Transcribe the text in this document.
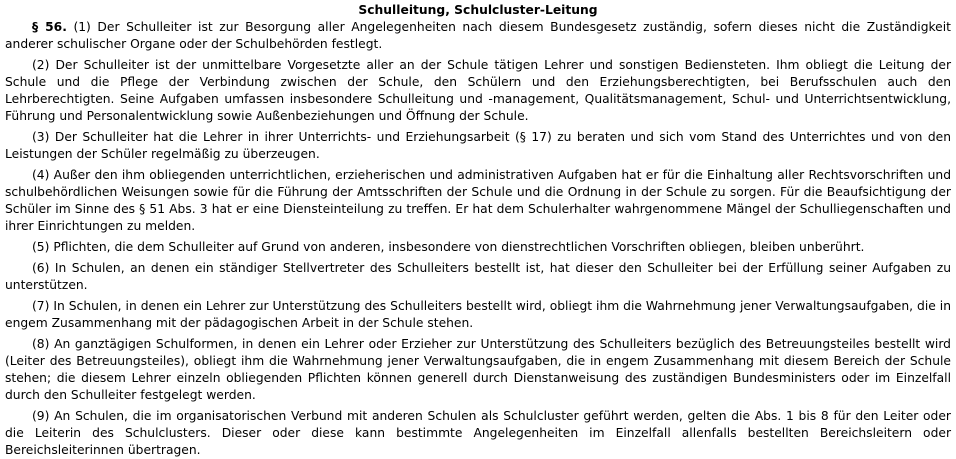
Schulleitung, Schulcluster-Leitung

§ 56. (1) Der Schulleiter ist zur Besorgung aller Angelegenheiten nach diesem Bundesgesetz zuständig, sofern dieses nicht die Zuständigkeit anderer schulischer Organe oder der Schulbehörden festlegt.

(2) Der Schulleiter ist der unmittelbare Vorgesetzte aller an der Schule tätigen Lehrer und sonstigen Bediensteten. Ihm obliegt die Leitung der Schule und die Pflege der Verbindung zwischen der Schule, den Schülern und den Erziehungsberechtigten, bei Berufsschulen auch den Lehrberechtigten. Seine Aufgaben umfassen insbesondere Schulleitung und -management, Qualitätsmanagement, Schul- und Unterrichtsentwicklung, Führung und Personalentwicklung sowie Außenbeziehungen und Öffnung der Schule.

(3) Der Schulleiter hat die Lehrer in ihrer Unterrichts- und Erziehungsarbeit (§ 17) zu beraten und sich vom Stand des Unterrichtes und von den Leistungen der Schüler regelmäßig zu überzeugen.

(4) Außer den ihm obliegenden unterrichtlichen, erzieherischen und administrativen Aufgaben hat er für die Einhaltung aller Rechtsvorschriften und schulbehördlichen Weisungen sowie für die Führung der Amtsschriften der Schule und die Ordnung in der Schule zu sorgen. Für die Beaufsichtigung der Schüler im Sinne des § 51 Abs. 3 hat er eine Diensteinteilung zu treffen. Er hat dem Schulerhalter wahrgenommene Mängel der Schulliegenschaften und ihrer Einrichtungen zu melden.

(5) Pflichten, die dem Schulleiter auf Grund von anderen, insbesondere von dienstrechtlichen Vorschriften obliegen, bleiben unberührt.

(6) In Schulen, an denen ein ständiger Stellvertreter des Schulleiters bestellt ist, hat dieser den Schulleiter bei der Erfüllung seiner Aufgaben zu unterstützen.

(7) In Schulen, in denen ein Lehrer zur Unterstützung des Schulleiters bestellt wird, obliegt ihm die Wahrnehmung jener Verwaltungsaufgaben, die in engem Zusammenhang mit der pädagogischen Arbeit in der Schule stehen.

(8) An ganztägigen Schulformen, in denen ein Lehrer oder Erzieher zur Unterstützung des Schulleiters bezüglich des Betreuungsteiles bestellt wird (Leiter des Betreuungsteiles), obliegt ihm die Wahrnehmung jener Verwaltungsaufgaben, die in engem Zusammenhang mit diesem Bereich der Schule stehen; die diesem Lehrer einzeln obliegenden Pflichten können generell durch Dienstanweisung des zuständigen Bundesministers oder im Einzelfall durch den Schulleiter festgelegt werden.

(9) An Schulen, die im organisatorischen Verbund mit anderen Schulen als Schulcluster geführt werden, gelten die Abs. 1 bis 8 für den Leiter oder die Leiterin des Schulclusters. Dieser oder diese kann bestimmte Angelegenheiten im Einzelfall allenfalls bestellten Bereichsleitern oder Bereichsleiterinnen übertragen.
